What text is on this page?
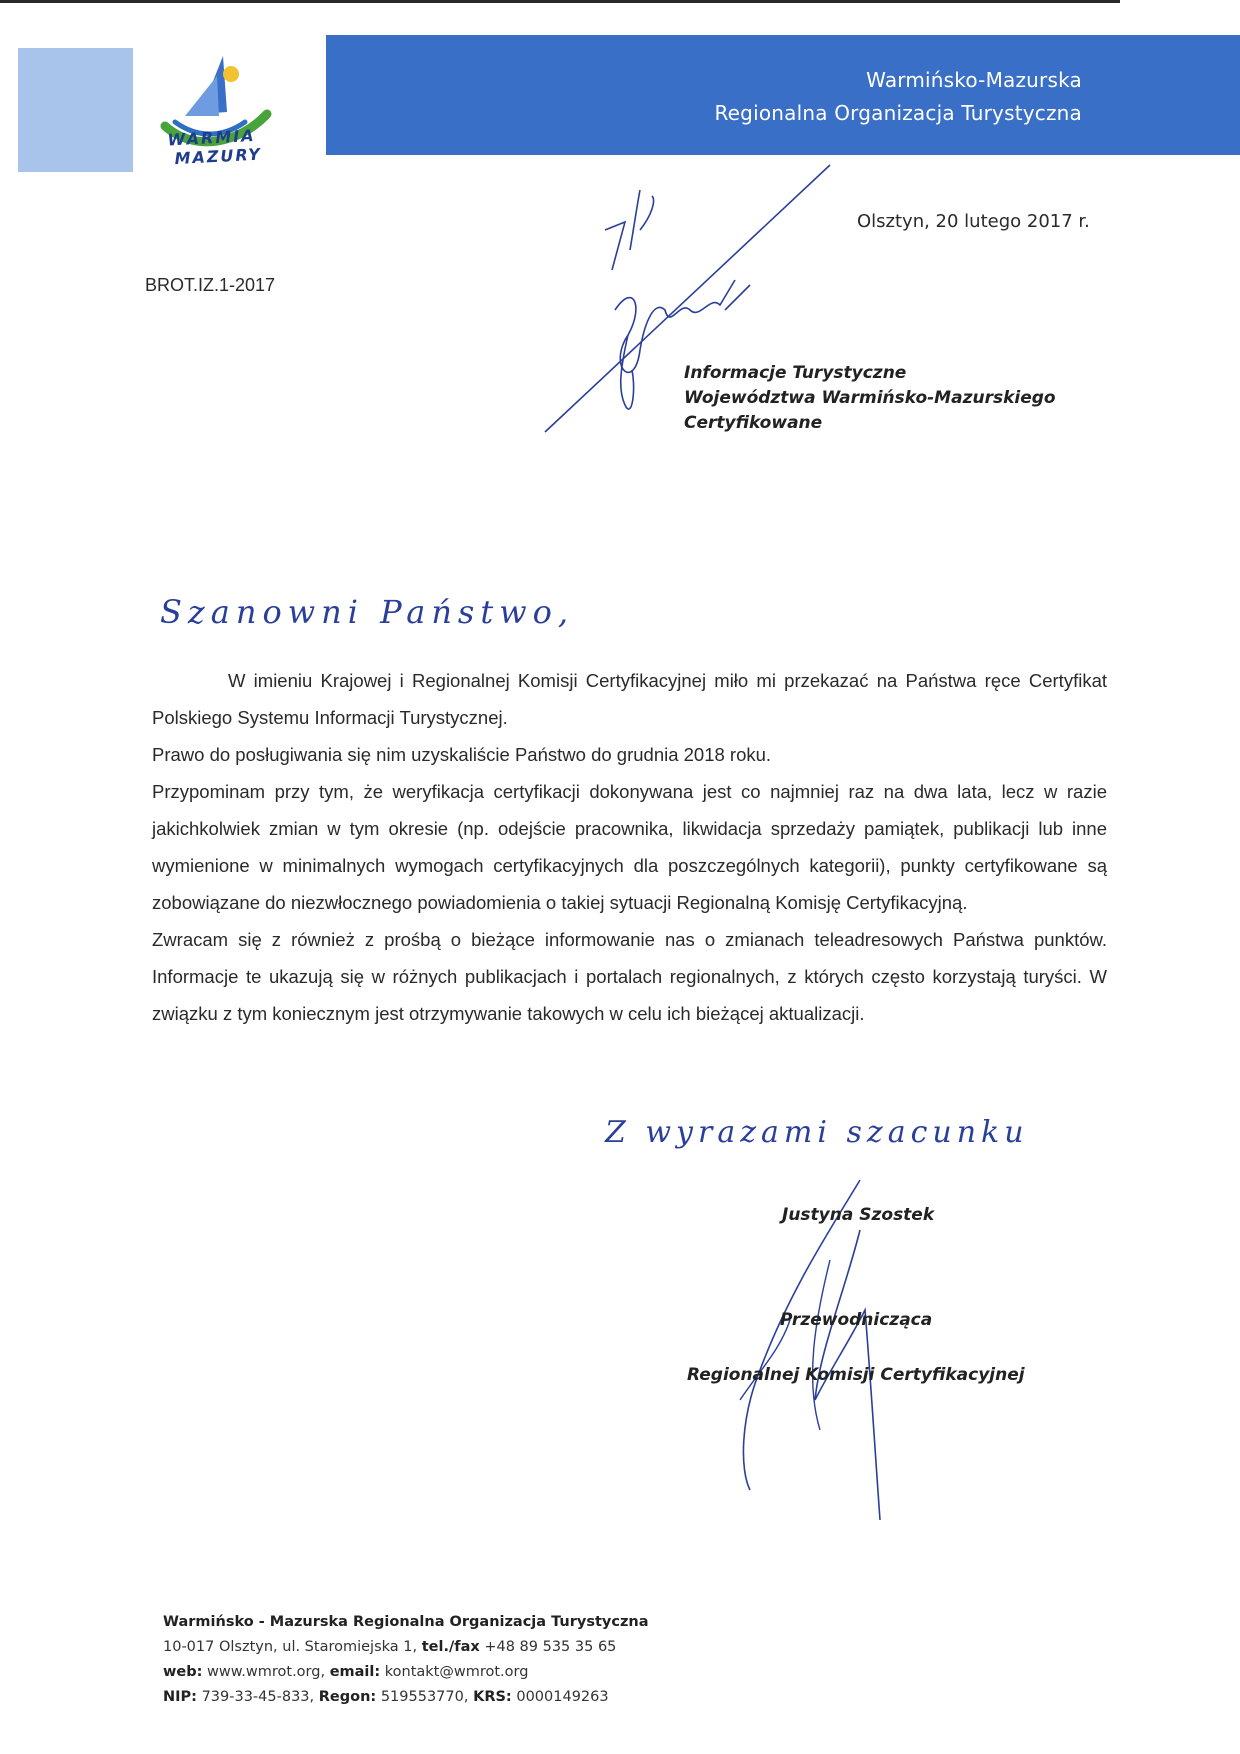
WARMIA
MAZURY
Warmińsko-Mazurska
Regionalna Organizacja Turystyczna
Olsztyn, 20 lutego 2017 r.
BROT.IZ.1-2017
Informacje Turystyczne
Województwa Warmińsko-Mazurskiego
Certyfikowane
Szanowni Państwo,

W imieniu Krajowej i Regionalnej Komisji Certyfikacyjnej miło mi przekazać na Państwa ręce Certyfikat Polskiego Systemu Informacji Turystycznej.

Prawo do posługiwania się nim uzyskaliście Państwo do grudnia 2018 roku.

Przypominam przy tym, że weryfikacja certyfikacji dokonywana jest co najmniej raz na dwa lata, lecz w razie jakichkolwiek zmian w tym okresie (np. odejście pracownika, likwidacja sprzedaży pamiątek, publikacji lub inne wymienione w minimalnych wymogach certyfikacyjnych dla poszczególnych kategorii), punkty certyfikowane są zobowiązane do niezwłocznego powiadomienia o takiej sytuacji Regionalną Komisję Certyfikacyjną.

Zwracam się z również z prośbą o bieżące informowanie nas o zmianach teleadresowych Państwa punktów. Informacje te ukazują się w różnych publikacjach i portalach regionalnych, z których często korzystają turyści. W związku z tym koniecznym jest otrzymywanie takowych w celu ich bieżącej aktualizacji.

Z wyrazami szacunku
Justyna Szostek
Przewodnicząca
Regionalnej Komisji Certyfikacyjnej
Warmińsko - Mazurska Regionalna Organizacja Turystyczna
10-017 Olsztyn, ul. Staromiejska 1, tel./fax +48 89 535 35 65
web: www.wmrot.org, email: kontakt@wmrot.org
NIP: 739-33-45-833, Regon: 519553770, KRS: 0000149263
